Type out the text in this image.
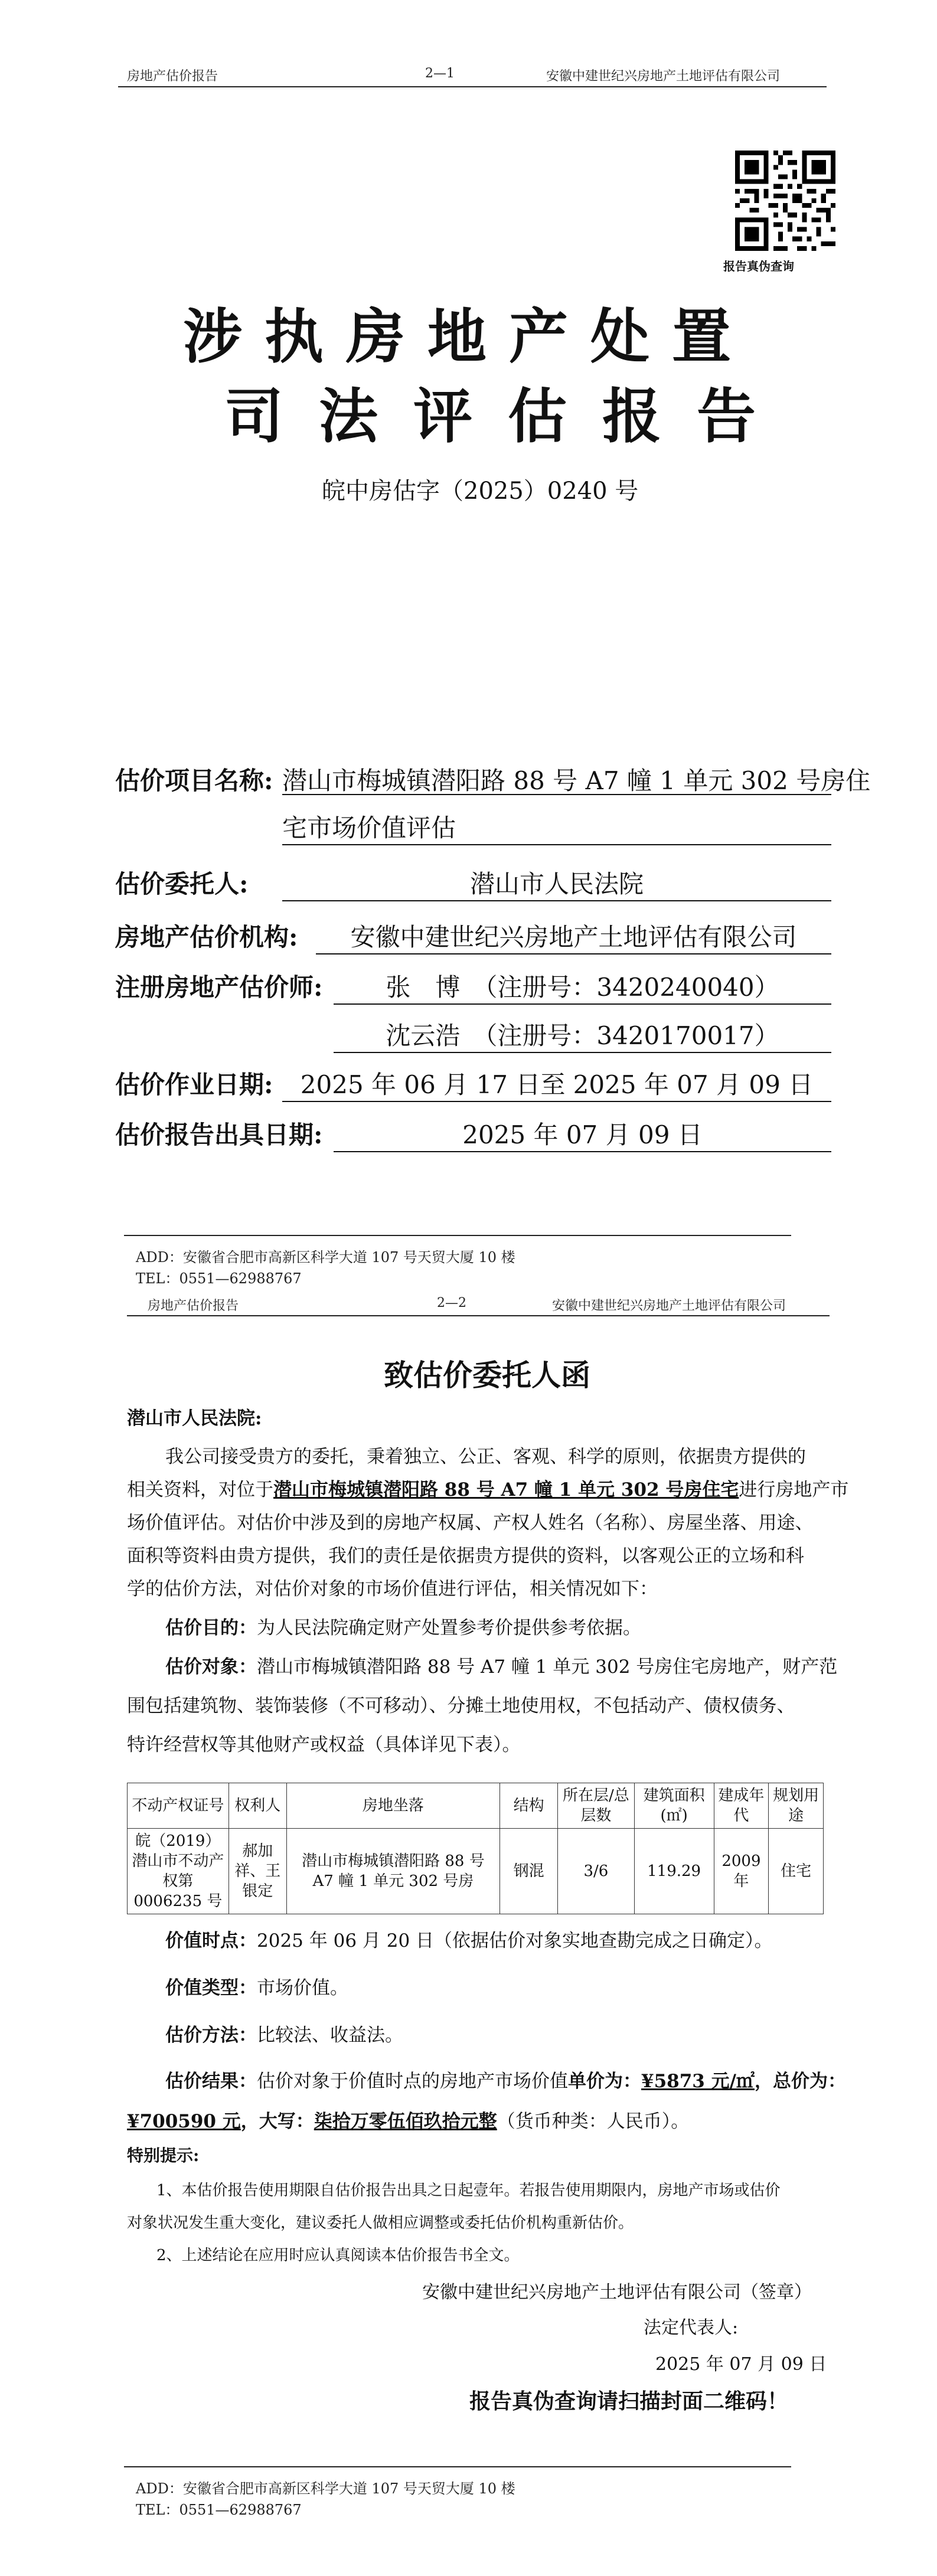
房地产估价报告	2—1	安徽中建世纪兴房地产土地评估有限公司
报告真伪查询
涉执房地产处置
司法评估报告
皖中房估字（2025）0240 号
估价项目名称: 潜山市梅城镇潜阳路 88 号 A7 幢 1 单元 302 号房住
宅市场价值评估
估价委托人:	潜山市人民法院
房地产估价机构:	安徽中建世纪兴房地产土地评估有限公司
注册房地产估价师:	张　博　（注册号：3420240040）
沈云浩　（注册号：3420170017）
估价作业日期:	2025 年 06 月 17 日至 2025 年 07 月 09 日
估价报告出具日期:	2025 年 07 月 09 日
ADD：安徽省合肥市高新区科学大道 107 号天贸大厦 10 楼
TEL：0551—62988767
房地产估价报告	2—2	安徽中建世纪兴房地产土地评估有限公司
致估价委托人函
潜山市人民法院:
我公司接受贵方的委托，秉着独立、公正、客观、科学的原则，依据贵方提供的
相关资料，对位于潜山市梅城镇潜阳路 88 号 A7 幢 1 单元 302 号房住宅进行房地产市
场价值评估。对估价中涉及到的房地产权属、产权人姓名（名称）、房屋坐落、用途、
面积等资料由贵方提供，我们的责任是依据贵方提供的资料，以客观公正的立场和科
学的估价方法，对估价对象的市场价值进行评估，相关情况如下：
估价目的：为人民法院确定财产处置参考价提供参考依据。
估价对象：潜山市梅城镇潜阳路 88 号 A7 幢 1 单元 302 号房住宅房地产，财产范
围包括建筑物、装饰装修（不可移动）、分摊土地使用权，不包括动产、债权债务、
特许经营权等其他财产或权益（具体详见下表）。
不动产权证号	权利人	房地坐落	结构	所在层/总层数	建筑面积(㎡)	建成年代	规划用途
皖（2019）潜山市不动产权第 0006235 号	郝加祥、王银定	潜山市梅城镇潜阳路 88 号 A7 幢 1 单元 302 号房	钢混	3/6	119.29	2009 年	住宅
价值时点：2025 年 06 月 20 日（依据估价对象实地查勘完成之日确定）。
价值类型：市场价值。
估价方法：比较法、收益法。
估价结果：估价对象于价值时点的房地产市场价值单价为：¥5873 元/㎡，总价为：
¥700590 元，大写：柒拾万零伍佰玖拾元整（货币种类：人民币）。
特别提示:
1、本估价报告使用期限自估价报告出具之日起壹年。若报告使用期限内，房地产市场或估价
对象状况发生重大变化，建议委托人做相应调整或委托估价机构重新估价。
2、上述结论在应用时应认真阅读本估价报告书全文。
安徽中建世纪兴房地产土地评估有限公司（签章）
法定代表人:
2025 年 07 月 09 日
报告真伪查询请扫描封面二维码！
ADD：安徽省合肥市高新区科学大道 107 号天贸大厦 10 楼
TEL：0551—62988767
